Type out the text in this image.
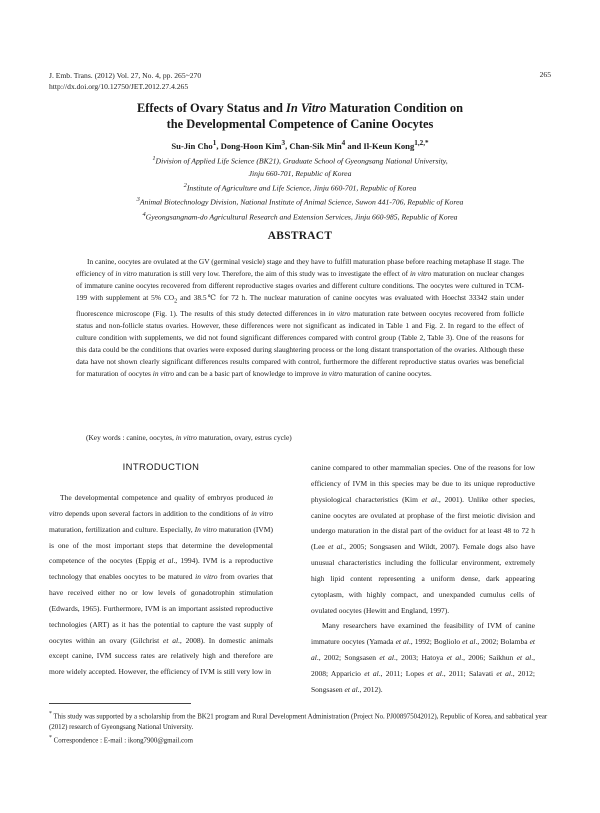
J. Emb. Trans. (2012) Vol. 27, No. 4, pp. 265~270
http://dx.doi.org/10.12750/JET.2012.27.4.265
265
Effects of Ovary Status and In Vitro Maturation Condition on
the Developmental Competence of Canine Oocytes
Su-Jin Cho$^1$, Dong-Hoon Kim$^3$, Chan-Sik Min$^4$ and Il-Keun Kong$^{1,2,*}$
$^1$Division of Applied Life Science (BK21), Graduate School of Gyeongsang National University,
Jinju 660-701, Republic of Korea
$^2$Institute of Agriculture and Life Science, Jinju 660-701, Republic of Korea
$^3$Animal Biotechnology Division, National Institute of Animal Science, Suwon 441-706, Republic of Korea
$^4$Gyeongsangnam-do Agricultural Research and Extension Services, Jinju 660-985, Republic of Korea
ABSTRACT

In canine, oocytes are ovulated at the GV (germinal vesicle) stage and they have to fulfill maturation phase before reaching metaphase II stage. The efficiency of in vitro maturation is still very low. Therefore, the aim of this study was to investigate the effect of in vitro maturation on nuclear changes of immature canine oocytes recovered from different reproductive stages ovaries and different culture conditions. The oocytes were cultured in TCM-199 with supplement at 5% $CO_2$ and 38.5℃ for 72 h. The nuclear maturation of canine oocytes was evaluated with Hoechst 33342 stain under fluorescence microscope (Fig. 1). The results of this study detected differences in in vitro maturation rate between oocytes recovered from follicle status and non-follicle status ovaries. However, these differences were not significant as indicated in Table 1 and Fig. 2. In regard to the effect of culture condition with supplements, we did not found significant differences compared with control group (Table 2, Table 3). One of the reasons for this data could be the conditions that ovaries were exposed during slaughtering process or the long distant transportation of the ovaries. Although these data have not shown clearly significant differences results compared with control, furthermore the different reproductive status ovaries was beneficial for maturation of oocytes in vitro and can be a basic part of knowledge to improve in vitro maturation of canine oocytes.

(Key words : canine, oocytes, in vitro maturation, ovary, estrus cycle)
INTRODUCTION

The developmental competence and quality of embryos produced in vitro depends upon several factors in addition to the conditions of in vitro maturation, fertilization and culture. Especially, In vitro maturation (IVM) is one of the most important steps that determine the developmental competence of the oocytes (Eppig et al., 1994). IVM is a reproductive technology that enables oocytes to be matured in vitro from ovaries that have received either no or low levels of gonadotrophin stimulation (Edwards, 1965). Furthermore, IVM is an important assisted reproductive technologies (ART) as it has the potential to capture the vast supply of oocytes within an ovary (Gilchrist et al., 2008). In domestic animals except canine, IVM success rates are relatively high and therefore are more widely accepted. However, the efficiency of IVM is still very low in

canine compared to other mammalian species. One of the reasons for low efficiency of IVM in this species may be due to its unique reproductive physiological characteristics (Kim et al., 2001). Unlike other species, canine oocytes are ovulated at prophase of the first meiotic division and undergo maturation in the distal part of the oviduct for at least 48 to 72 h (Lee et al., 2005; Songsasen and Wildt, 2007). Female dogs also have unusual characteristics including the follicular environment, extremely high lipid content representing a uniform dense, dark appearing cytoplasm, with highly compact, and unexpanded cumulus cells of ovulated oocytes (Hewitt and England, 1997).

Many researchers have examined the feasibility of IVM of canine immature oocytes (Yamada et al., 1992; Bogliolo et al., 2002; Bolamba et al., 2002; Songsasen et al., 2003; Hatoya et al., 2006; Saikhun et al., 2008; Apparicio et al., 2011; Lopes et al., 2011; Salavati et al., 2012; Songsasen et al., 2012).

* This study was supported by a scholarship from the BK21 program and Rural Development Administration (Project No. PJ008975042012), Republic of Korea, and sabbatical year (2012) research of Gyeongsang National University.
* Correspondence : E-mail : ikong7900@gmail.com
